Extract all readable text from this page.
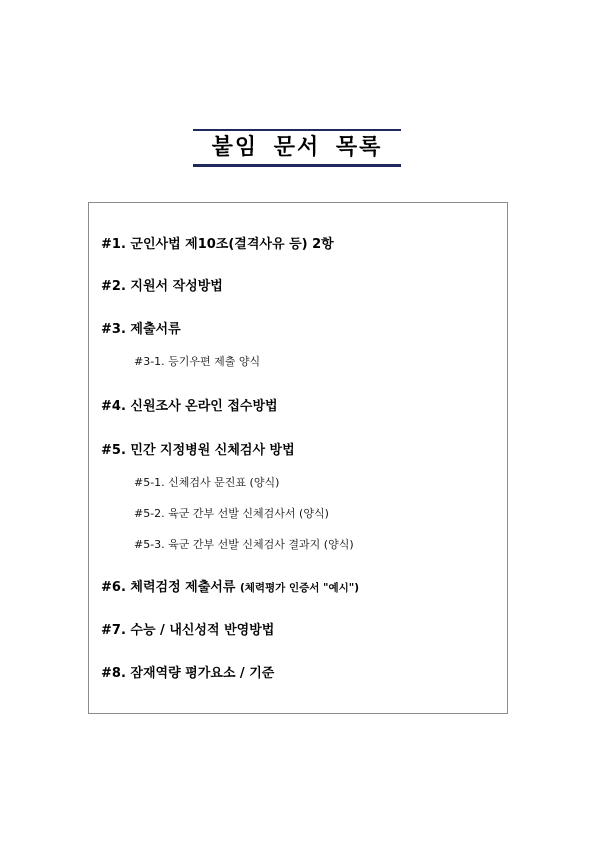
붙임 문서 목록
#1. 군인사법 제10조(결격사유 등) 2항
#2. 지원서 작성방법
#3. 제출서류
#3-1. 등기우편 제출 양식
#4. 신원조사 온라인 접수방법
#5. 민간 지정병원 신체검사 방법
#5-1. 신체검사 문진표 (양식)
#5-2. 육군 간부 선발 신체검사서 (양식)
#5-3. 육군 간부 선발 신체검사 결과지 (양식)
#6. 체력검정 제출서류 (체력평가 인증서 "예시")
#7. 수능 / 내신성적 반영방법
#8. 잠재역량 평가요소 / 기준
